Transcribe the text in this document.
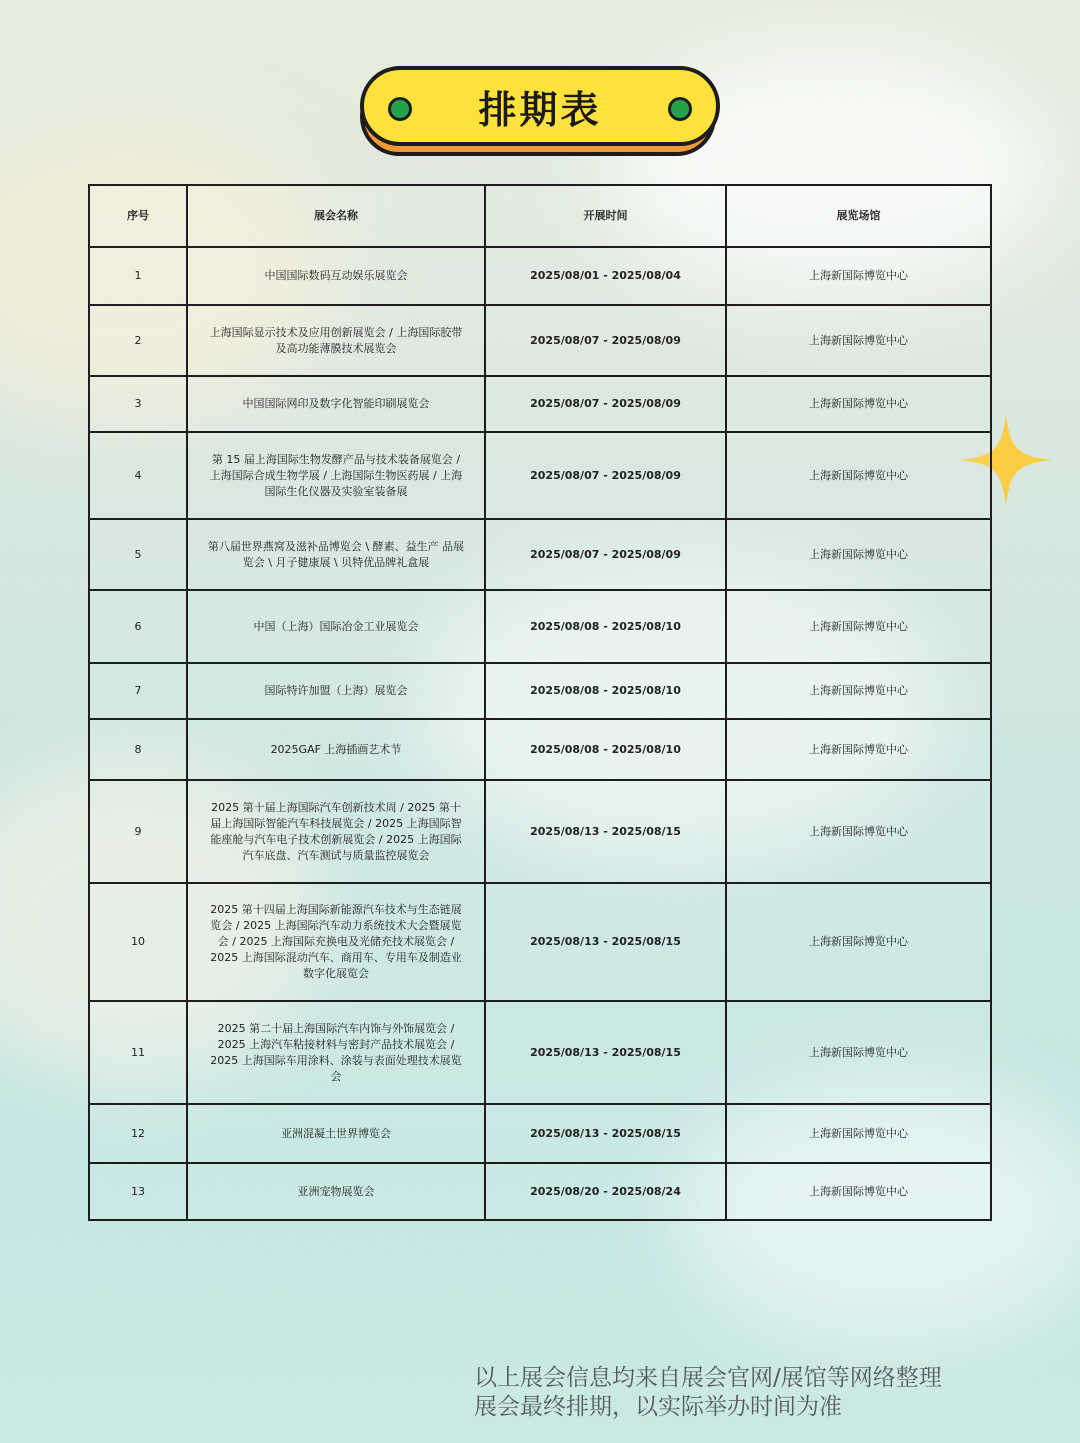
排期表
序号	展会名称	开展时间	展览场馆
1	中国国际数码互动娱乐展览会	2025/08/01 - 2025/08/04	上海新国际博览中心
2	上海国际显示技术及应用创新展览会 / 上海国际胶带及高功能薄膜技术展览会	2025/08/07 - 2025/08/09	上海新国际博览中心
3	中国国际网印及数字化智能印刷展览会	2025/08/07 - 2025/08/09	上海新国际博览中心
4	第 15 届上海国际生物发酵产品与技术装备展览会 / 上海国际合成生物学展 / 上海国际生物医药展 / 上海国际生化仪器及实验室装备展	2025/08/07 - 2025/08/09	上海新国际博览中心
5	第八届世界燕窝及滋补品博览会 \ 酵素、益生产 品展览会 \ 月子健康展 \ 贝特优品牌礼盒展	2025/08/07 - 2025/08/09	上海新国际博览中心
6	中国（上海）国际冶金工业展览会	2025/08/08 - 2025/08/10	上海新国际博览中心
7	国际特许加盟（上海）展览会	2025/08/08 - 2025/08/10	上海新国际博览中心
8	2025GAF 上海插画艺术节	2025/08/08 - 2025/08/10	上海新国际博览中心
9	2025 第十届上海国际汽车创新技术周 / 2025 第十届上海国际智能汽车科技展览会 / 2025 上海国际智能座舱与汽车电子技术创新展览会 / 2025 上海国际汽车底盘、汽车测试与质量监控展览会	2025/08/13 - 2025/08/15	上海新国际博览中心
10	2025 第十四届上海国际新能源汽车技术与生态链展览会 / 2025 上海国际汽车动力系统技术大会暨展览会 / 2025 上海国际充换电及光储充技术展览会 / 2025 上海国际混动汽车、商用车、专用车及制造业数字化展览会	2025/08/13 - 2025/08/15	上海新国际博览中心
11	2025 第二十届上海国际汽车内饰与外饰展览会 / 2025 上海汽车粘接材料与密封产品技术展览会 / 2025 上海国际车用涂料、涂装与表面处理技术展览会	2025/08/13 - 2025/08/15	上海新国际博览中心
12	亚洲混凝土世界博览会	2025/08/13 - 2025/08/15	上海新国际博览中心
13	亚洲宠物展览会	2025/08/20 - 2025/08/24	上海新国际博览中心
以上展会信息均来自展会官网/展馆等网络整理
展会最终排期，以实际举办时间为准
